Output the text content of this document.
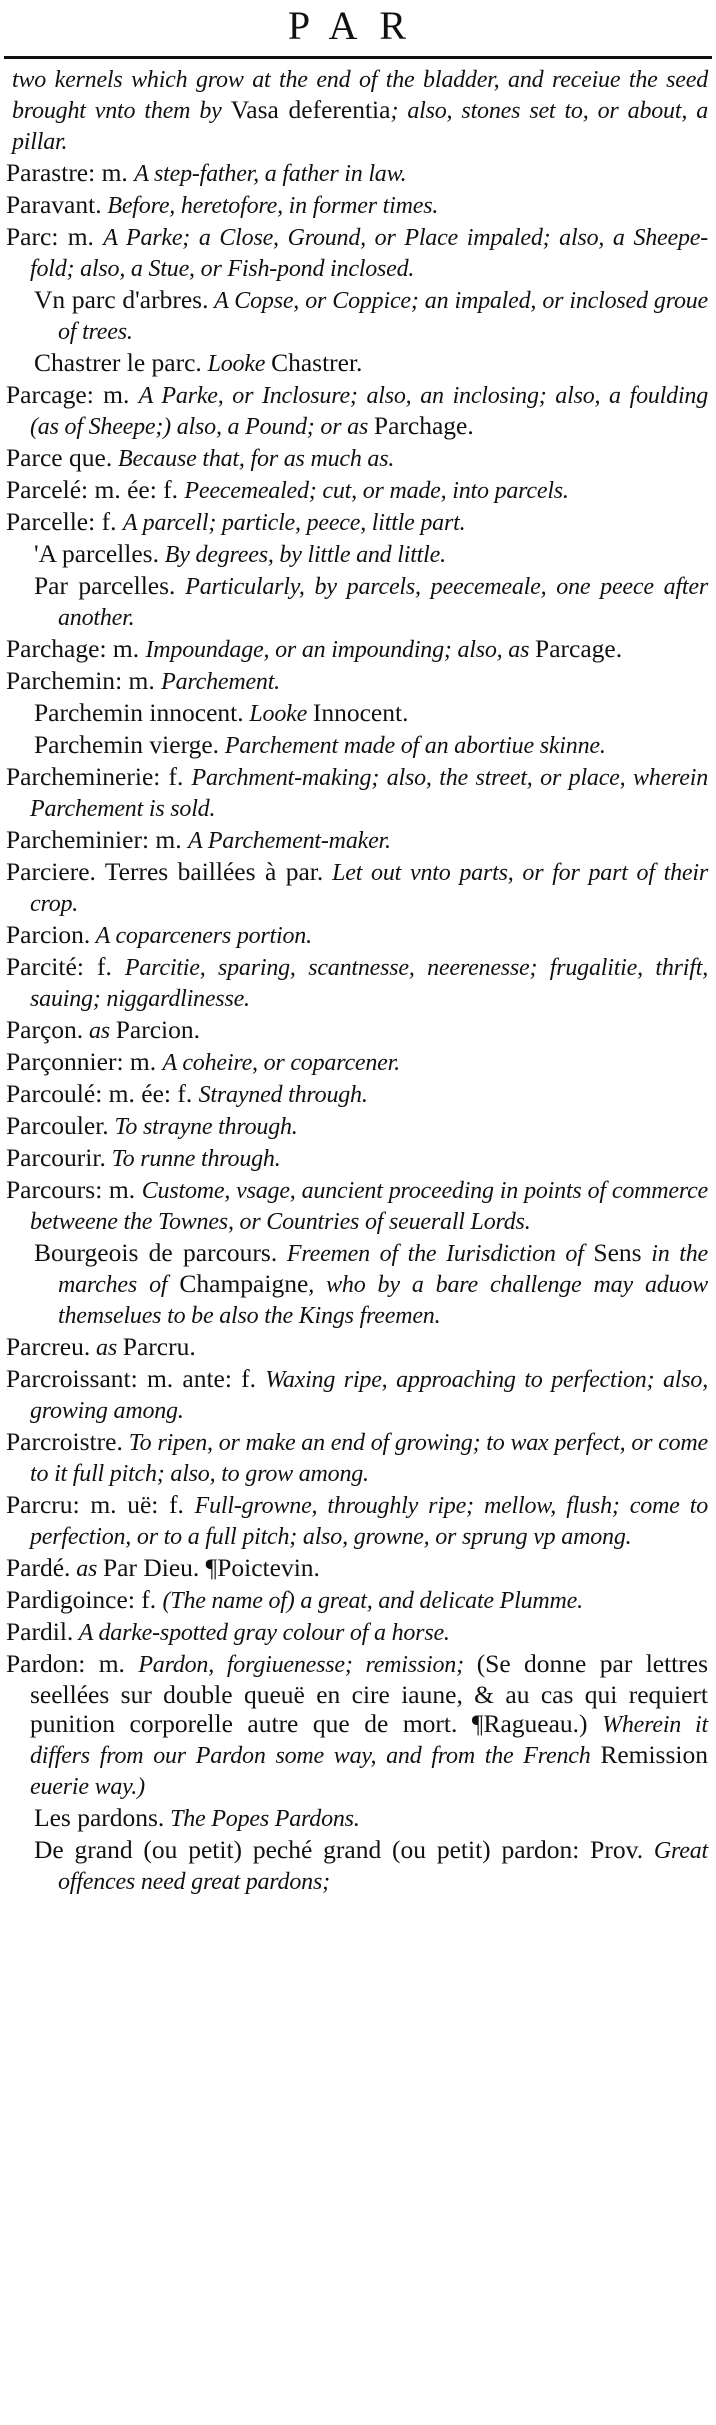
PAR

two kernels which grow at the end of the bladder, and receiue the seed brought vnto them by Vasa deferentia; also, stones set to, or about, a pillar.

Parastre: m. A step-father, a father in law.

Paravant. Before, heretofore, in former times.

Parc: m. A Parke; a Close, Ground, or Place impaled; also, a Sheepe-fold; also, a Stue, or Fish-pond inclosed.

Vn parc d'arbres. A Copse, or Coppice; an impaled, or inclosed groue of trees.

Chastrer le parc. Looke Chastrer.

Parcage: m. A Parke, or Inclosure; also, an inclosing; also, a foulding (as of Sheepe;) also, a Pound; or as Parchage.

Parce que. Because that, for as much as.

Parcelé: m. ée: f. Peecemealed; cut, or made, into parcels.

Parcelle: f. A parcell; particle, peece, little part.

'A parcelles. By degrees, by little and little.

Par parcelles. Particularly, by parcels, peecemeale, one peece after another.

Parchage: m. Impoundage, or an impounding; also, as Parcage.

Parchemin: m. Parchement.

Parchemin innocent. Looke Innocent.

Parchemin vierge. Parchement made of an abortiue skinne.

Parcheminerie: f. Parchment-making; also, the street, or place, wherein Parchement is sold.

Parcheminier: m. A Parchement-maker.

Parciere. Terres baillées à par. Let out vnto parts, or for part of their crop.

Parcion. A coparceners portion.

Parcité: f. Parcitie, sparing, scantnesse, neerenesse; frugalitie, thrift, sauing; niggardlinesse.

Parçon. as Parcion.

Parçonnier: m. A coheire, or coparcener.

Parcoulé: m. ée: f. Strayned through.

Parcouler. To strayne through.

Parcourir. To runne through.

Parcours: m. Custome, vsage, auncient proceeding in points of commerce betweene the Townes, or Countries of seuerall Lords.

Bourgeois de parcours. Freemen of the Iurisdiction of Sens in the marches of Champaigne, who by a bare challenge may aduow themselues to be also the Kings freemen.

Parcreu. as Parcru.

Parcroissant: m. ante: f. Waxing ripe, approaching to perfection; also, growing among.

Parcroistre. To ripen, or make an end of growing; to wax perfect, or come to it full pitch; also, to grow among.

Parcru: m. uë: f. Full-growne, throughly ripe; mellow, flush; come to perfection, or to a full pitch; also, growne, or sprung vp among.

Pardé. as Par Dieu. ¶Poictevin.

Pardigoince: f. (The name of) a great, and delicate Plumme.

Pardil. A darke-spotted gray colour of a horse.

Pardon: m. Pardon, forgiuenesse; remission; (Se donne par lettres seellées sur double queuë en cire iaune, & au cas qui requiert punition corporelle autre que de mort. ¶Ragueau.) Wherein it differs from our Pardon some way, and from the French Remission euerie way.)

Les pardons. The Popes Pardons.

De grand (ou petit) peché grand (ou petit) pardon: Prov. Great offences need great pardons;
